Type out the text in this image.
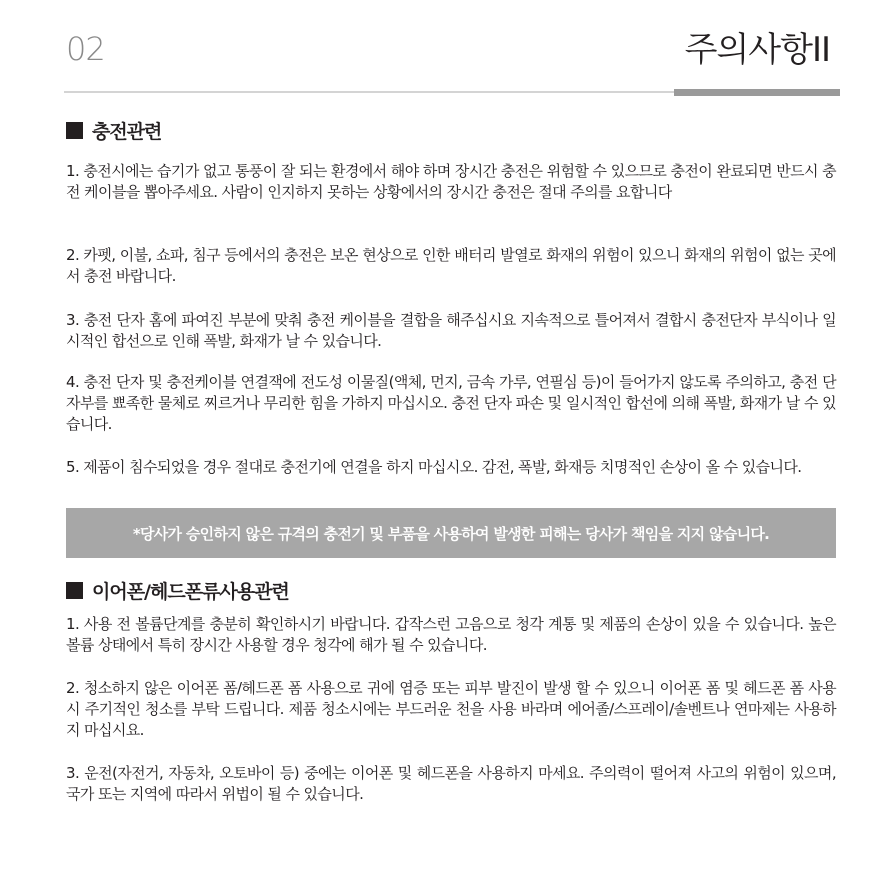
02	주의사항II
충전관련

1. 충전시에는 습기가 없고 통풍이 잘 되는 환경에서 해야 하며 장시간 충전은 위험할 수 있으므로 충전이 완료되면 반드시 충전 케이블을 뽑아주세요. 사람이 인지하지 못하는 상황에서의 장시간 충전은 절대 주의를 요합니다

2. 카펫, 이불, 쇼파, 침구 등에서의 충전은 보온 현상으로 인한 배터리 발열로 화재의 위험이 있으니 화재의 위험이 없는 곳에서 충전 바랍니다.

3. 충전 단자 홈에 파여진 부분에 맞춰 충전 케이블을 결합을 해주십시요 지속적으로 틀어져서 결합시 충전단자 부식이나 일시적인 합선으로 인해 폭발, 화재가 날 수 있습니다.

4. 충전 단자 및 충전케이블 연결잭에 전도성 이물질(액체, 먼지, 금속 가루, 연필심 등)이 들어가지 않도록 주의하고, 충전 단자부를 뾰족한 물체로 찌르거나 무리한 힘을 가하지 마십시오. 충전 단자 파손 및 일시적인 합선에 의해 폭발, 화재가 날 수 있습니다.

5. 제품이 침수되었을 경우 절대로 충전기에 연결을 하지 마십시오. 감전, 폭발, 화재등 치명적인 손상이 올 수 있습니다.

*당사가 승인하지 않은 규격의 충전기 및 부품을 사용하여 발생한 피해는 당사가 책임을 지지 않습니다.
이어폰/헤드폰류사용관련

1. 사용 전 볼륨단계를 충분히 확인하시기 바랍니다. 갑작스런 고음으로 청각 계통 및 제품의 손상이 있을 수 있습니다. 높은 볼륨 상태에서 특히 장시간 사용할 경우 청각에 해가 될 수 있습니다.

2. 청소하지 않은 이어폰 폼/헤드폰 폼 사용으로 귀에 염증 또는 피부 발진이 발생 할 수 있으니 이어폰 폼 및 헤드폰 폼 사용 시 주기적인 청소를 부탁 드립니다. 제품 청소시에는 부드러운 천을 사용 바라며 에어졸/스프레이/솔벤트나 연마제는 사용하지 마십시요.

3. 운전(자전거, 자동차, 오토바이 등) 중에는 이어폰 및 헤드폰을 사용하지 마세요. 주의력이 떨어져 사고의 위험이 있으며, 국가 또는 지역에 따라서 위법이 될 수 있습니다.
